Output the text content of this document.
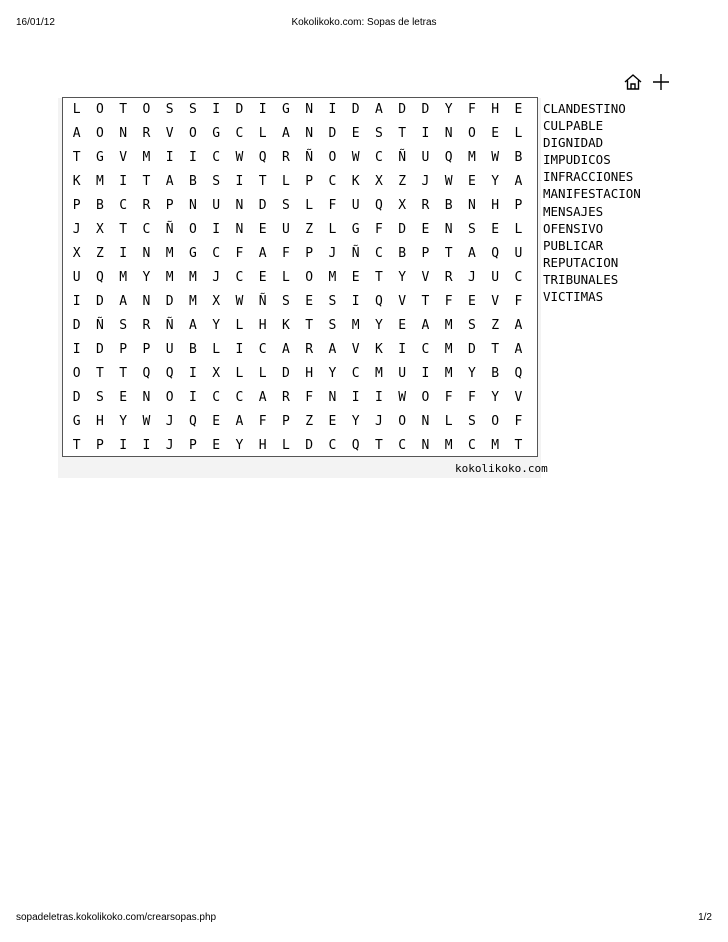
16/01/12	Kokolikoko.com: Sopas de letras
L	O	T	O	S	S	I	D	I	G	N	I	D	A	D	D	Y	F	H	E
A	O	N	R	V	O	G	C	L	A	N	D	E	S	T	I	N	O	E	L
T	G	V	M	I	I	C	W	Q	R	Ñ	O	W	C	Ñ	U	Q	M	W	B
K	M	I	T	A	B	S	I	T	L	P	C	K	X	Z	J	W	E	Y	A
P	B	C	R	P	N	U	N	D	S	L	F	U	Q	X	R	B	N	H	P
J	X	T	C	Ñ	O	I	N	E	U	Z	L	G	F	D	E	N	S	E	L
X	Z	I	N	M	G	C	F	A	F	P	J	Ñ	C	B	P	T	A	Q	U
U	Q	M	Y	M	M	J	C	E	L	O	M	E	T	Y	V	R	J	U	C
I	D	A	N	D	M	X	W	Ñ	S	E	S	I	Q	V	T	F	E	V	F
D	Ñ	S	R	Ñ	A	Y	L	H	K	T	S	M	Y	E	A	M	S	Z	A
I	D	P	P	U	B	L	I	C	A	R	A	V	K	I	C	M	D	T	A
O	T	T	Q	Q	I	X	L	L	D	H	Y	C	M	U	I	M	Y	B	Q
D	S	E	N	O	I	C	C	A	R	F	N	I	I	W	O	F	F	Y	V
G	H	Y	W	J	Q	E	A	F	P	Z	E	Y	J	O	N	L	S	O	F
T	P	I	I	J	P	E	Y	H	L	D	C	Q	T	C	N	M	C	M	T
kokolikoko.com
CLANDESTINO
CULPABLE
DIGNIDAD
IMPUDICOS
INFRACCIONES
MANIFESTACION
MENSAJES
OFENSIVO
PUBLICAR
REPUTACION
TRIBUNALES
VICTIMAS
sopadeletras.kokolikoko.com/crearsopas.php	1/2
